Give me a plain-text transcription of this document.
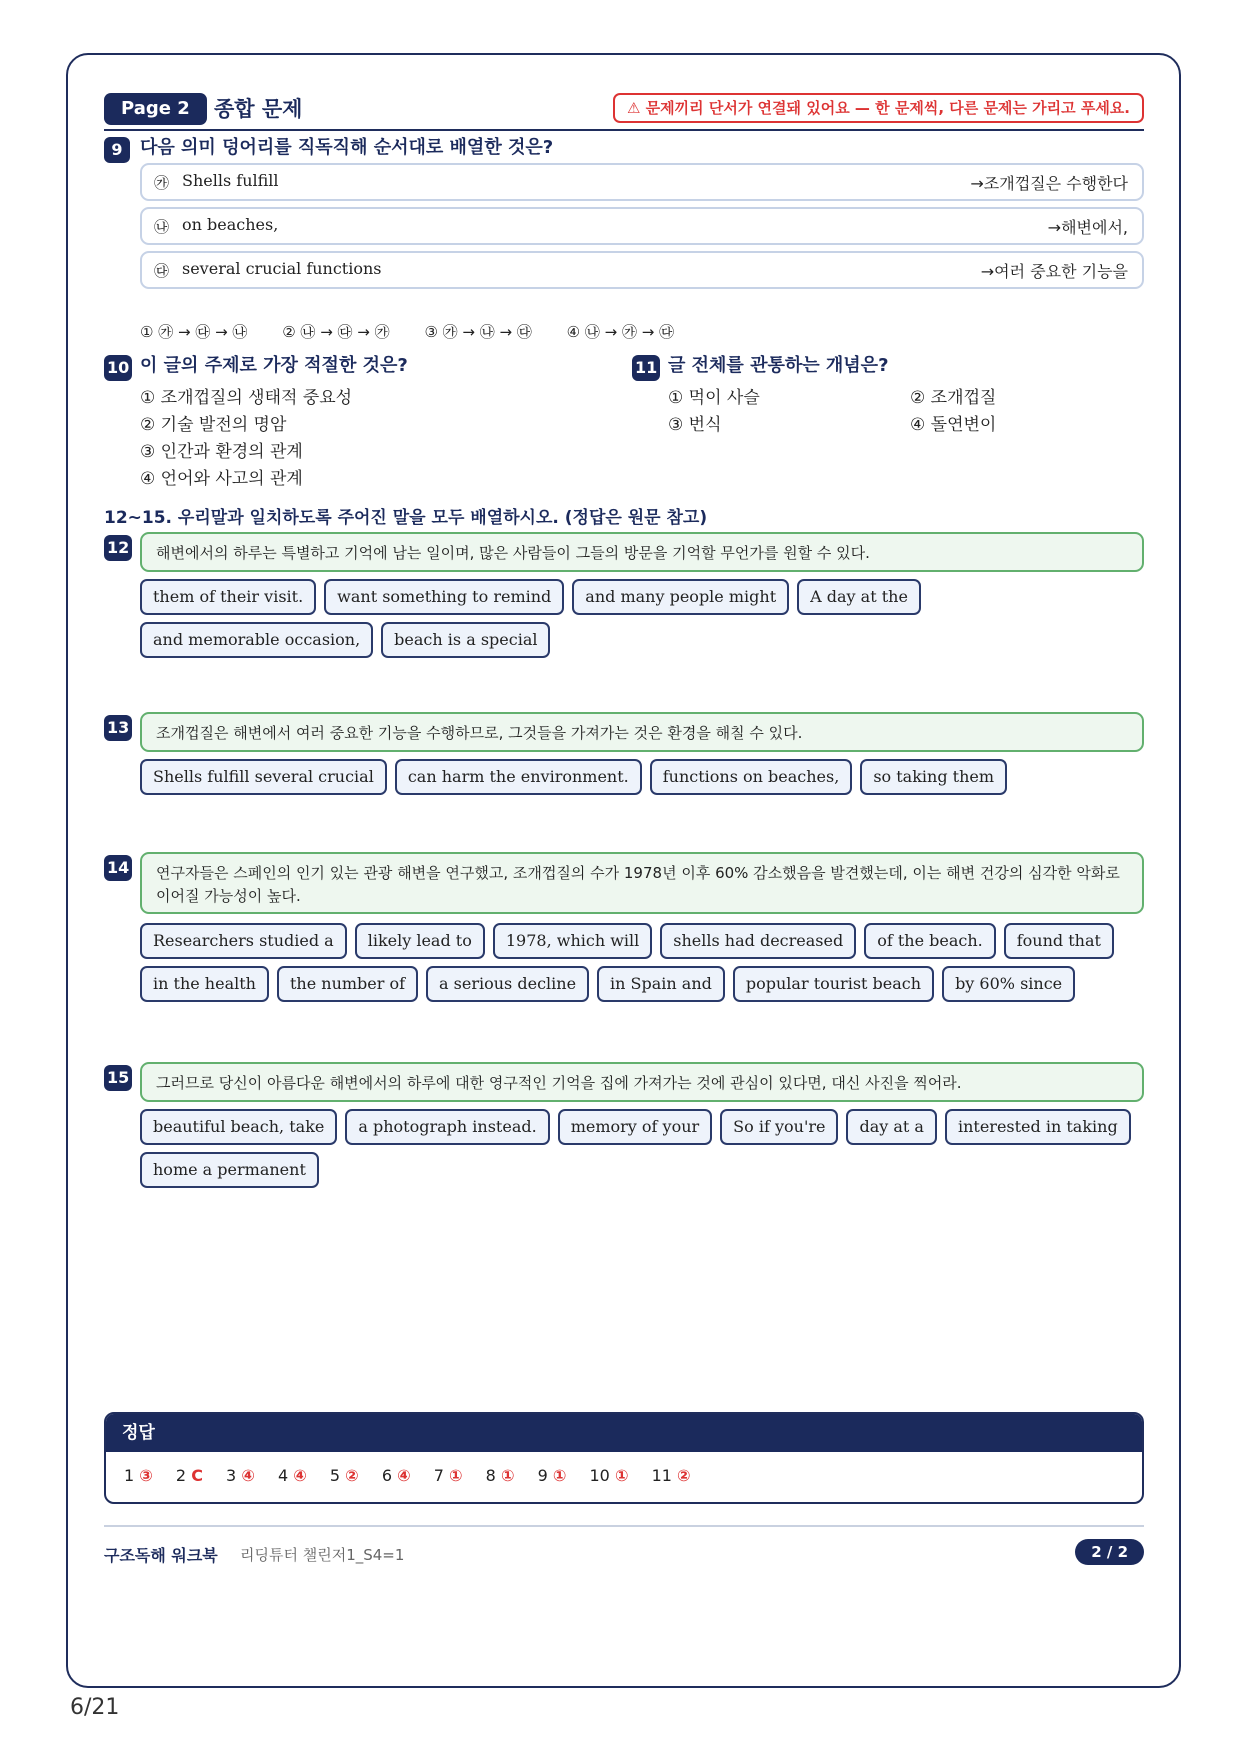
Page 2	종합 문제	⚠ 문제끼리 단서가 연결돼 있어요 — 한 문제씩, 다른 문제는 가리고 푸세요.
9 다음 의미 덩어리를 직독직해 순서대로 배열한 것은?
㉮ Shells fulfill	→조개껍질은 수행한다
㉯ on beaches,	→해변에서,
㉰ several crucial functions	→여러 중요한 기능을
① ㉮ → ㉰ → ㉯ ② ㉯ → ㉰ → ㉮ ③ ㉮ → ㉯ → ㉰ ④ ㉯ → ㉮ → ㉰
10 이 글의 주제로 가장 적절한 것은?
① 조개껍질의 생태적 중요성
② 기술 발전의 명암
③ 인간과 환경의 관계
④ 언어와 사고의 관계
11 글 전체를 관통하는 개념은?
① 먹이 사슬	② 조개껍질
③ 번식	④ 돌연변이
12~15. 우리말과 일치하도록 주어진 말을 모두 배열하시오. (정답은 원문 참고)
12	해변에서의 하루는 특별하고 기억에 남는 일이며, 많은 사람들이 그들의 방문을 기억할 무언가를 원할 수 있다.
them of their visit. want something to remind and many people might A day at theand memorable occasion, beach is a special
13	조개껍질은 해변에서 여러 중요한 기능을 수행하므로, 그것들을 가져가는 것은 환경을 해칠 수 있다.
Shells fulfill several crucial can harm the environment. functions on beaches, so taking them
14	연구자들은 스페인의 인기 있는 관광 해변을 연구했고, 조개껍질의 수가 1978년 이후 60% 감소했음을 발견했는데, 이는 해변 건강의 심각한 악화로 이어질 가능성이 높다.
Researchers studied a likely lead to 1978, which will shells had decreased of the beach. found thatin the health the number of a serious decline in Spain and popular tourist beach by 60% since
15	그러므로 당신이 아름다운 해변에서의 하루에 대한 영구적인 기억을 집에 가져가는 것에 관심이 있다면, 대신 사진을 찍어라.
beautiful beach, take a photograph instead. memory of your So if you're day at a interested in takinghome a permanent
정답
1 ③ 2 C 3 ④ 4 ④ 5 ② 6 ④ 7 ① 8 ① 9 ① 10 ① 11 ②
구조독해 워크북 리딩튜터 챌린저1_S4=1	2 / 2
6/21
